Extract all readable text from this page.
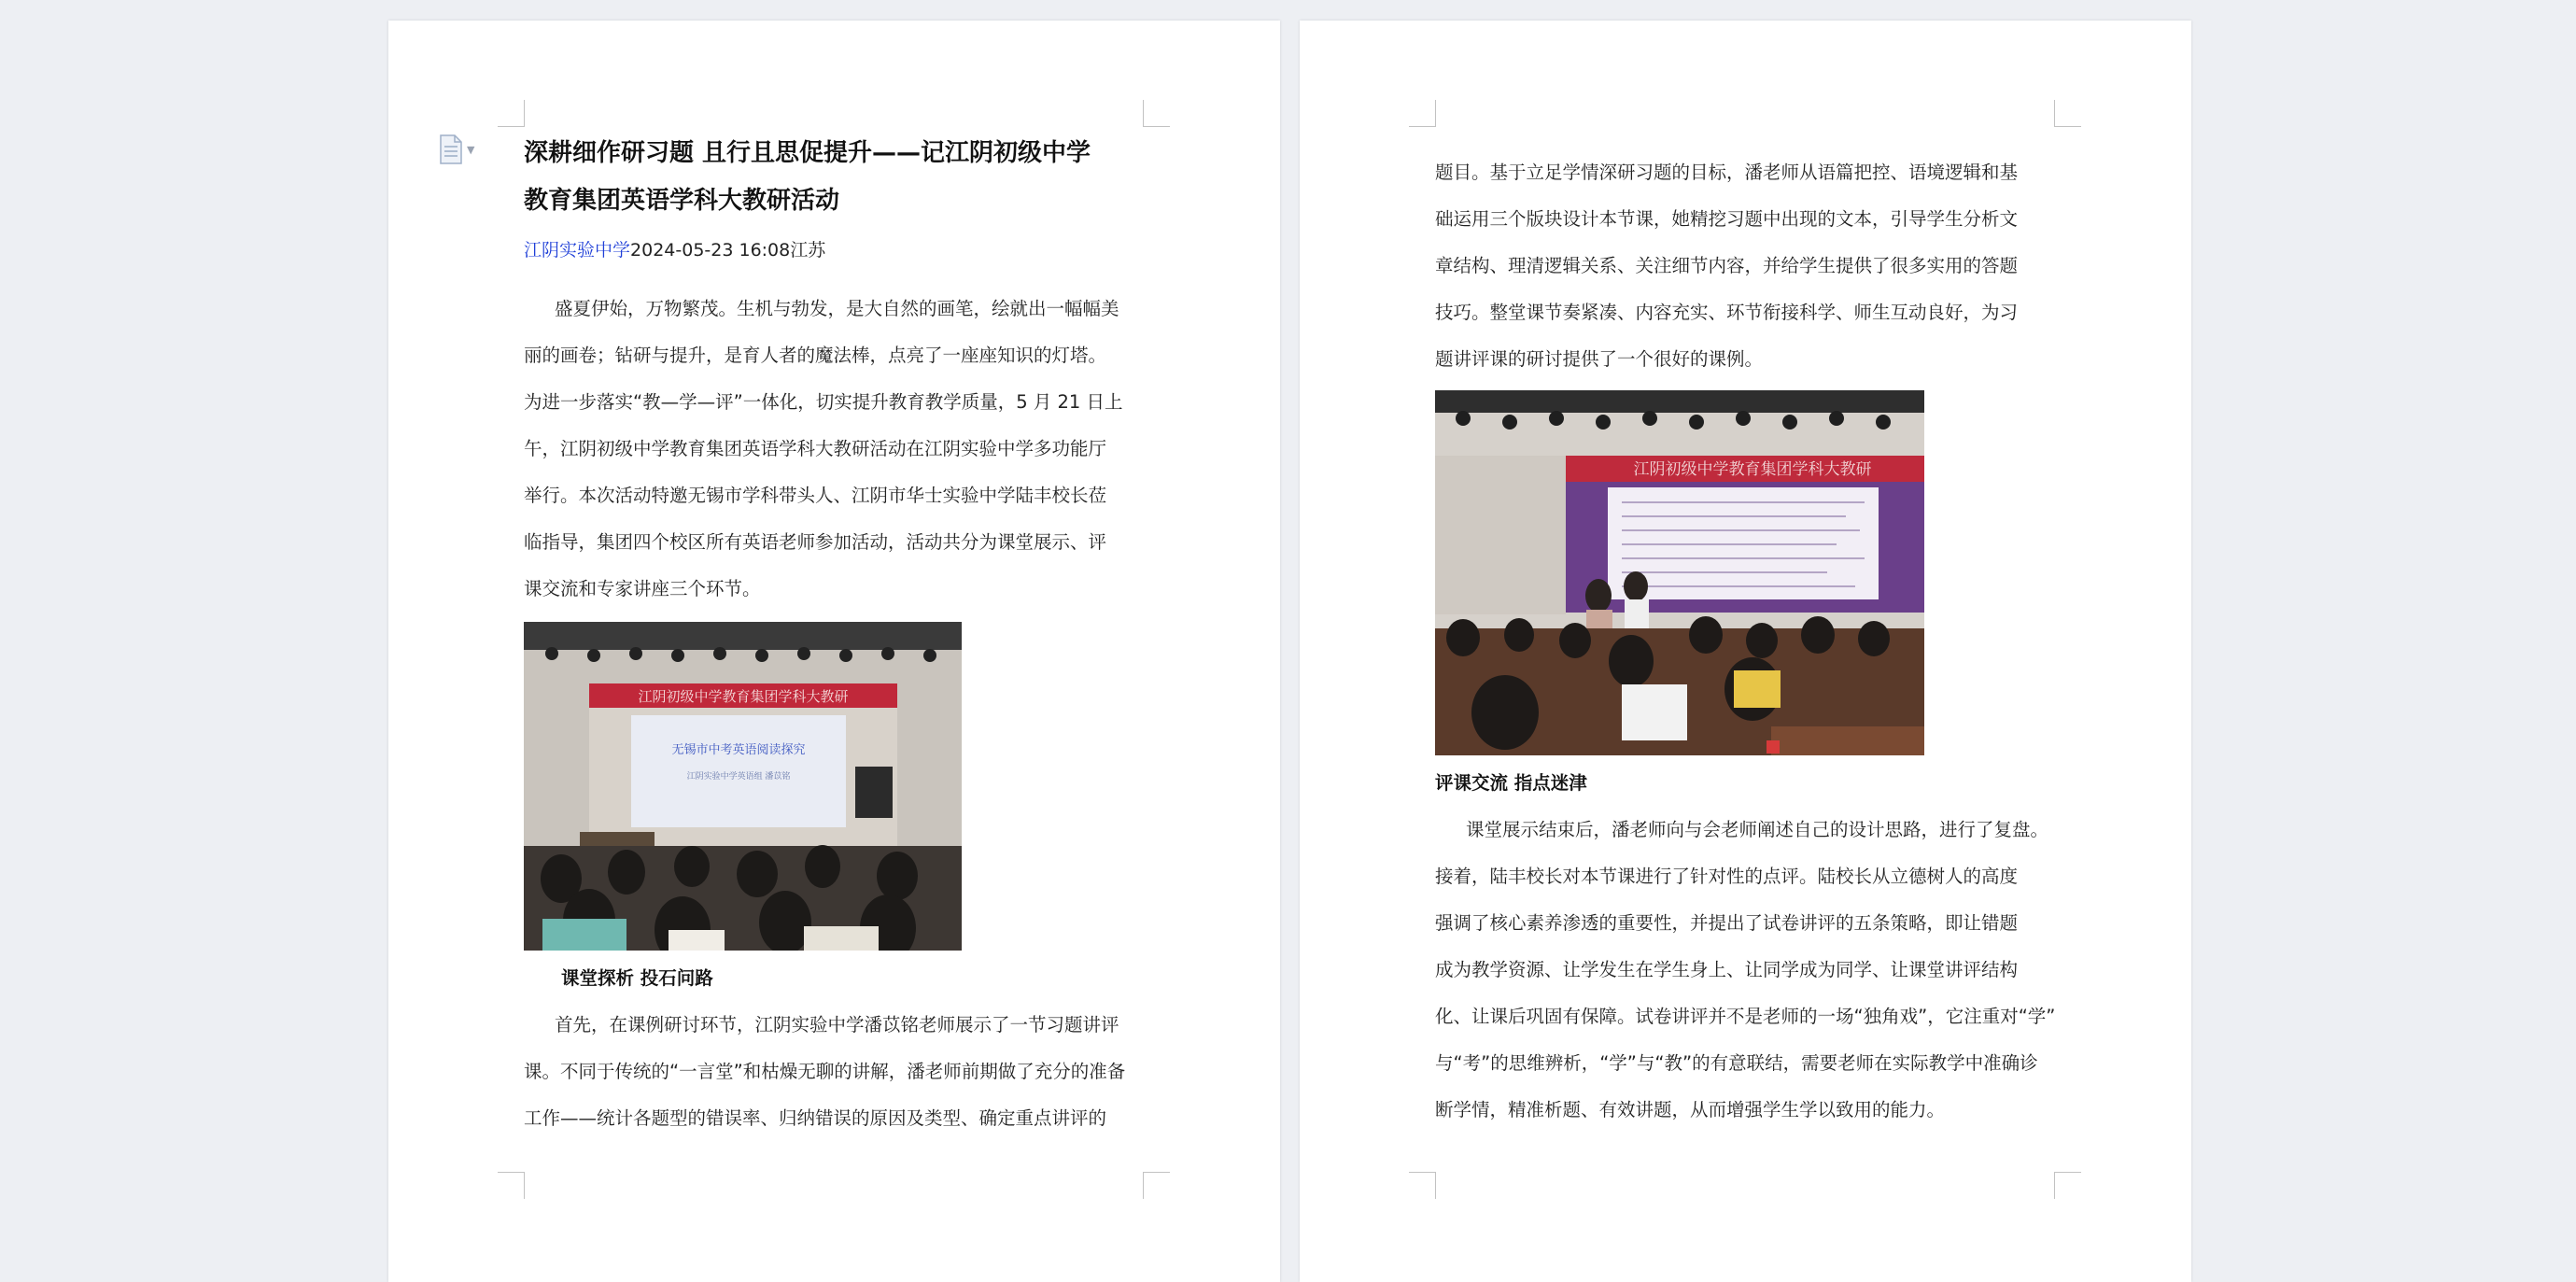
▼ 深耕细作研习题 且行且思促提升——记江阴初级中学
教育集团英语学科大教研活动
江阴实验中学2024-05-23 16:08江苏

盛夏伊始，万物繁茂。生机与勃发，是大自然的画笔，绘就出一幅幅美

丽的画卷；钻研与提升，是育人者的魔法棒，点亮了一座座知识的灯塔。

为进一步落实“教—学—评”一体化，切实提升教育教学质量，5 月 21 日上

午，江阴初级中学教育集团英语学科大教研活动在江阴实验中学多功能厅

举行。本次活动特邀无锡市学科带头人、江阴市华士实验中学陆丰校长莅

临指导，集团四个校区所有英语老师参加活动，活动共分为课堂展示、评

课交流和专家讲座三个环节。

江阴初级中学教育集团学科大教研
无锡市中考英语阅读探究
江阴实验中学英语组 潘苡铭
课堂探析 投石问路

首先，在课例研讨环节，江阴实验中学潘苡铭老师展示了一节习题讲评

课。不同于传统的“一言堂”和枯燥无聊的讲解，潘老师前期做了充分的准备

工作——统计各题型的错误率、归纳错误的原因及类型、确定重点讲评的

题目。基于立足学情深研习题的目标，潘老师从语篇把控、语境逻辑和基

础运用三个版块设计本节课，她精挖习题中出现的文本，引导学生分析文

章结构、理清逻辑关系、关注细节内容，并给学生提供了很多实用的答题

技巧。整堂课节奏紧凑、内容充实、环节衔接科学、师生互动良好，为习

题讲评课的研讨提供了一个很好的课例。

江阴初级中学教育集团学科大教研
评课交流 指点迷津

课堂展示结束后，潘老师向与会老师阐述自己的设计思路，进行了复盘。

接着，陆丰校长对本节课进行了针对性的点评。陆校长从立德树人的高度

强调了核心素养渗透的重要性，并提出了试卷讲评的五条策略，即让错题

成为教学资源、让学发生在学生身上、让同学成为同学、让课堂讲评结构

化、让课后巩固有保障。试卷讲评并不是老师的一场“独角戏”，它注重对“学”

与“考”的思维辨析，“学”与“教”的有意联结，需要老师在实际教学中准确诊

断学情，精准析题、有效讲题，从而增强学生学以致用的能力。
